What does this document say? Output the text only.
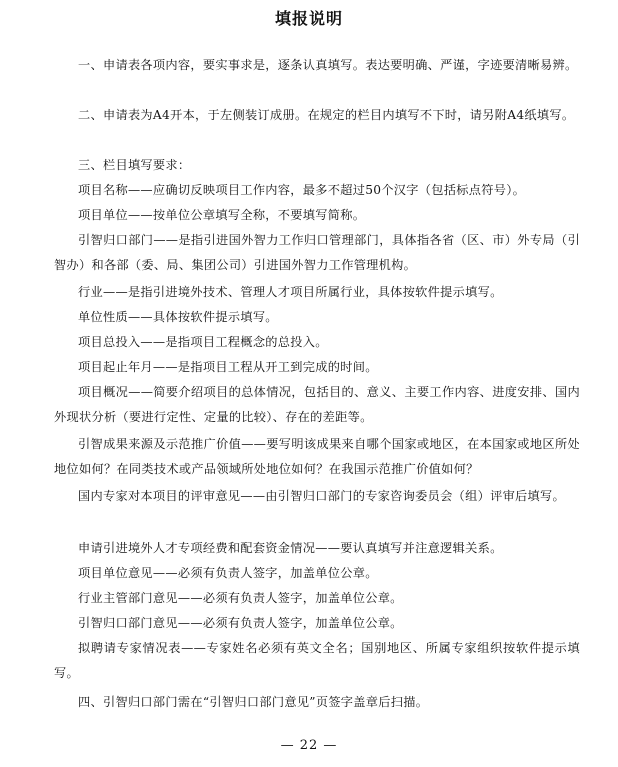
填报说明

一、申请表各项内容，要实事求是，逐条认真填写。表达要明确、严谨，字迹要清晰易辨。

二、申请表为A4开本，于左侧装订成册。在规定的栏目内填写不下时，请另附A4纸填写。

三、栏目填写要求：

项目名称——应确切反映项目工作内容，最多不超过50个汉字（包括标点符号）。

项目单位——按单位公章填写全称，不要填写简称。

引智归口部门——是指引进国外智力工作归口管理部门，具体指各省（区、市）外专局（引智办）和各部（委、局、集团公司）引进国外智力工作管理机构。

行业——是指引进境外技术、管理人才项目所属行业，具体按软件提示填写。

单位性质——具体按软件提示填写。

项目总投入——是指项目工程概念的总投入。

项目起止年月——是指项目工程从开工到完成的时间。

项目概况——简要介绍项目的总体情况，包括目的、意义、主要工作内容、进度安排、国内外现状分析（要进行定性、定量的比较）、存在的差距等。

引智成果来源及示范推广价值——要写明该成果来自哪个国家或地区，在本国家或地区所处地位如何？在同类技术或产品领域所处地位如何？在我国示范推广价值如何？

国内专家对本项目的评审意见——由引智归口部门的专家咨询委员会（组）评审后填写。

申请引进境外人才专项经费和配套资金情况——要认真填写并注意逻辑关系。

项目单位意见——必须有负责人签字，加盖单位公章。

行业主管部门意见——必须有负责人签字，加盖单位公章。

引智归口部门意见——必须有负责人签字，加盖单位公章。

拟聘请专家情况表——专家姓名必须有英文全名；国别地区、所属专家组织按软件提示填写。

四、引智归口部门需在“引智归口部门意见”页签字盖章后扫描。

— 22 —
